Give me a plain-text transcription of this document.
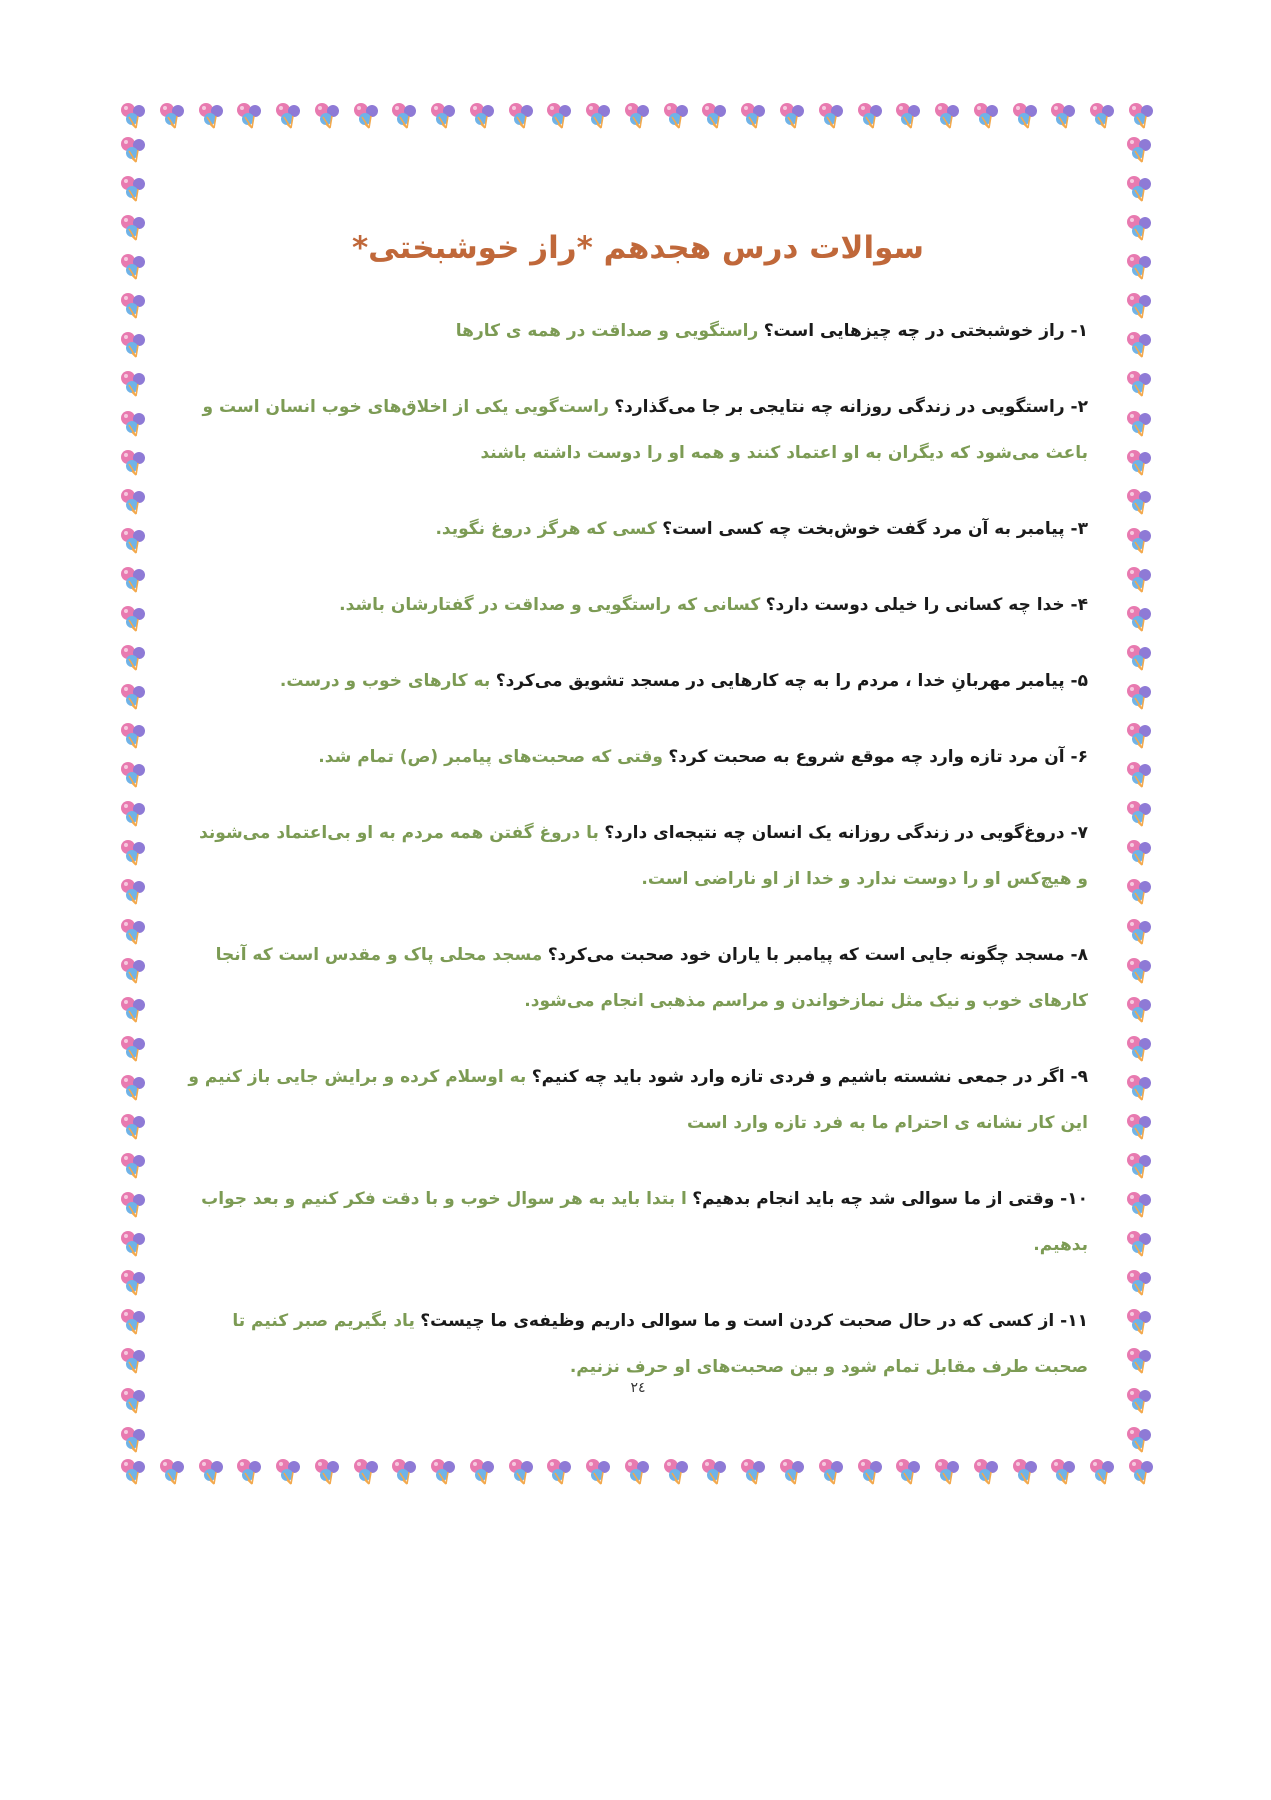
سوالات درس هجدهم *راز خوشبختی*

۱- راز خوشبختی در چه چیزهایی است؟ راستگویی و صداقت در همه ی کارها

۲- راستگویی در زندگی روزانه چه نتایجی بر جا می‌گذارد؟ راست‌گویی یکی از اخلاق‌های خوب انسان است و باعث می‌شود که دیگران به او اعتماد کنند و همه او را دوست داشته باشند

۳- پیامبر به آن مرد گفت خوش‌بخت چه کسی است؟ کسی که هرگز دروغ نگوید.

۴- خدا چه کسانی را خیلی دوست دارد؟ کسانی که راستگویی و صداقت در گفتارشان باشد.

۵- پیامبر مهربانِ خدا ، مردم را به چه کارهایی در مسجد تشویق می‌کرد؟ به کارهای خوب و درست.

۶- آن مرد تازه وارد چه موقع شروع به صحبت کرد؟ وقتی که صحبت‌های پیامبر (ص) تمام شد.

۷- دروغ‌گویی در زندگی روزانه یک انسان چه نتیجه‌ای دارد؟ با دروغ گفتن همه مردم به او بی‌اعتماد می‌شوند و هیچ‌کس او را دوست ندارد و خدا از او ناراضی است.

۸- مسجد چگونه جایی است که پیامبر با یاران خود صحبت می‌کرد؟ مسجد محلی پاک و مقدس است که آنجا کارهای خوب و نیک مثل نمازخواندن و مراسم مذهبی انجام می‌شود.

۹- اگر در جمعی نشسته باشیم و فردی تازه وارد شود باید چه کنیم؟ به اوسلام کرده و برایش جایی باز کنیم و این کار نشانه ی احترام ما به فرد تازه وارد است

۱۰- وقتی از ما سوالی شد چه باید انجام بدهیم؟ ا بتدا باید به هر سوال خوب و با دقت فکر کنیم و بعد جواب بدهیم.

۱۱- از کسی که در حال صحبت کردن است و ما سوالی داریم وظیفه‌ی ما چیست؟ یاد بگیریم صبر کنیم تا صحبت طرف مقابل تمام شود و بین صحبت‌های او حرف نزنیم.

۲٤
